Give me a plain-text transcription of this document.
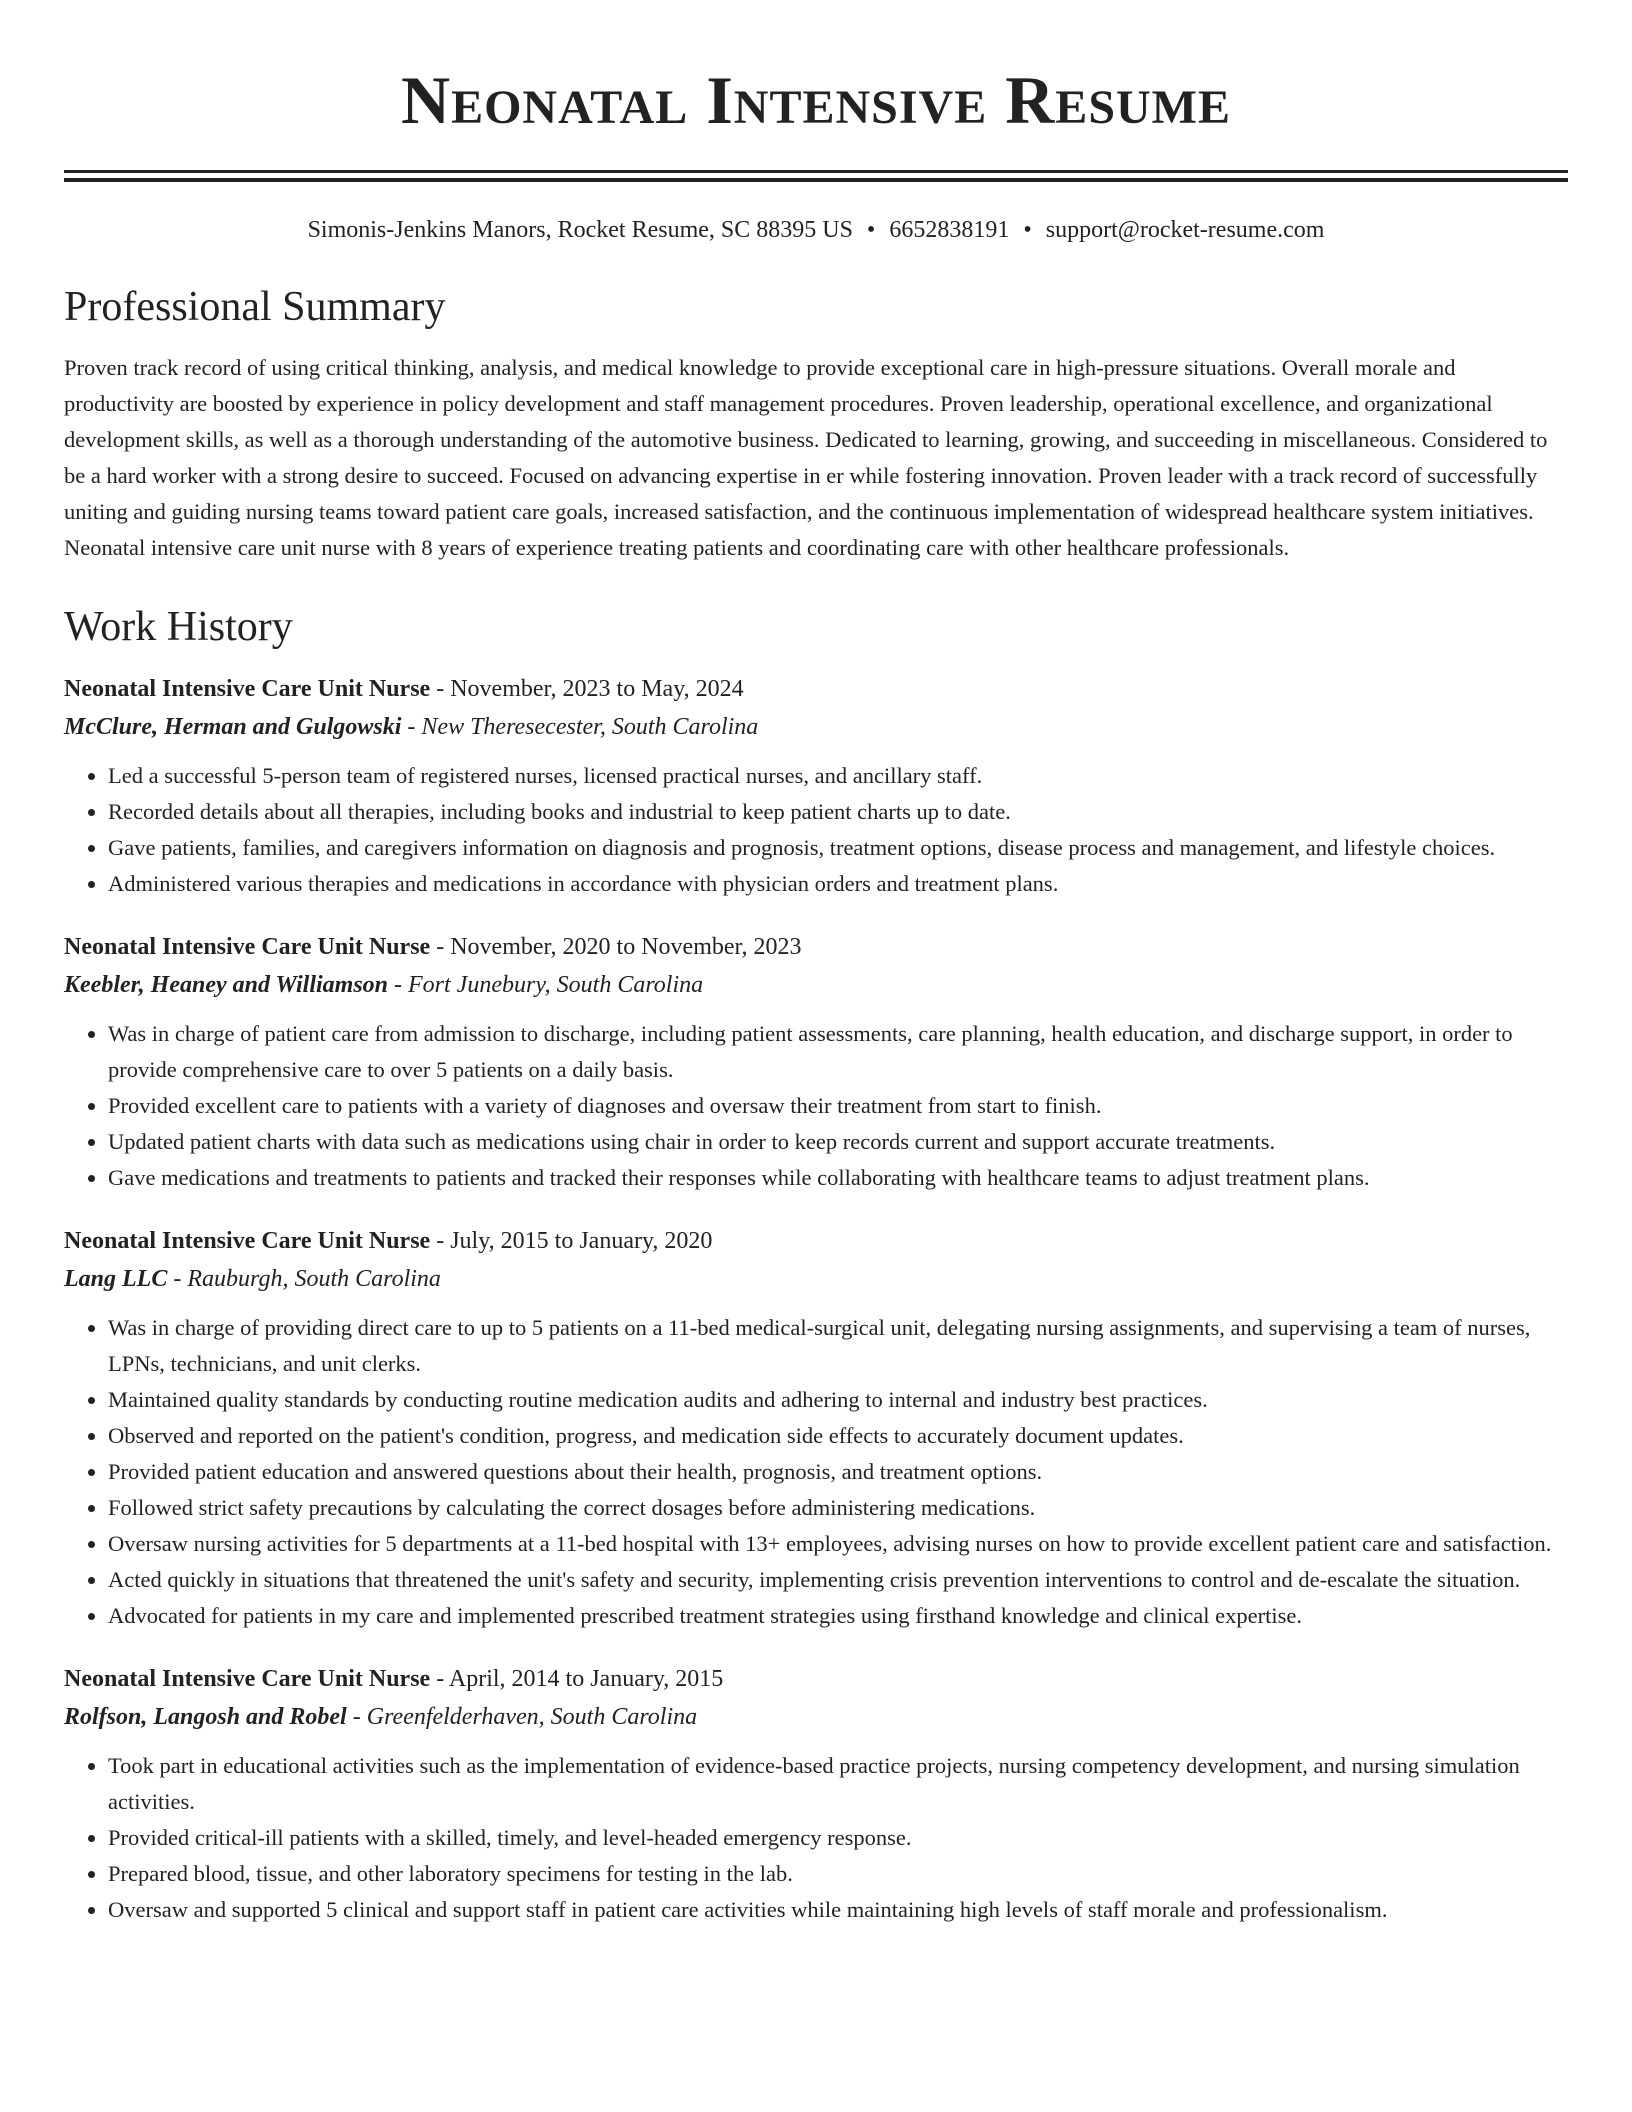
Neonatal Intensive Resume
Simonis-Jenkins Manors, Rocket Resume, SC 88395 US • 6652838191 • support@rocket-resume.com
Professional Summary

Proven track record of using critical thinking, analysis, and medical knowledge to provide exceptional care in high-pressure situations. Overall morale and productivity are boosted by experience in policy development and staff management procedures. Proven leadership, operational excellence, and organizational development skills, as well as a thorough understanding of the automotive business. Dedicated to learning, growing, and succeeding in miscellaneous. Considered to be a hard worker with a strong desire to succeed. Focused on advancing expertise in er while fostering innovation. Proven leader with a track record of successfully uniting and guiding nursing teams toward patient care goals, increased satisfaction, and the continuous implementation of widespread healthcare system initiatives. Neonatal intensive care unit nurse with 8 years of experience treating patients and coordinating care with other healthcare professionals.

Work History
Neonatal Intensive Care Unit Nurse - November, 2023 to May, 2024
McClure, Herman and Gulgowski - New Theresecester, South Carolina
• Led a successful 5-person team of registered nurses, licensed practical nurses, and ancillary staff.
• Recorded details about all therapies, including books and industrial to keep patient charts up to date.
• Gave patients, families, and caregivers information on diagnosis and prognosis, treatment options, disease process and management, and lifestyle choices.
• Administered various therapies and medications in accordance with physician orders and treatment plans.
Neonatal Intensive Care Unit Nurse - November, 2020 to November, 2023
Keebler, Heaney and Williamson - Fort Junebury, South Carolina
• Was in charge of patient care from admission to discharge, including patient assessments, care planning, health education, and discharge support, in order to provide comprehensive care to over 5 patients on a daily basis.
• Provided excellent care to patients with a variety of diagnoses and oversaw their treatment from start to finish.
• Updated patient charts with data such as medications using chair in order to keep records current and support accurate treatments.
• Gave medications and treatments to patients and tracked their responses while collaborating with healthcare teams to adjust treatment plans.
Neonatal Intensive Care Unit Nurse - July, 2015 to January, 2020
Lang LLC - Rauburgh, South Carolina
• Was in charge of providing direct care to up to 5 patients on a 11-bed medical-surgical unit, delegating nursing assignments, and supervising a team of nurses, LPNs, technicians, and unit clerks.
• Maintained quality standards by conducting routine medication audits and adhering to internal and industry best practices.
• Observed and reported on the patient's condition, progress, and medication side effects to accurately document updates.
• Provided patient education and answered questions about their health, prognosis, and treatment options.
• Followed strict safety precautions by calculating the correct dosages before administering medications.
• Oversaw nursing activities for 5 departments at a 11-bed hospital with 13+ employees, advising nurses on how to provide excellent patient care and satisfaction.
• Acted quickly in situations that threatened the unit's safety and security, implementing crisis prevention interventions to control and de-escalate the situation.
• Advocated for patients in my care and implemented prescribed treatment strategies using firsthand knowledge and clinical expertise.
Neonatal Intensive Care Unit Nurse - April, 2014 to January, 2015
Rolfson, Langosh and Robel - Greenfelderhaven, South Carolina
• Took part in educational activities such as the implementation of evidence-based practice projects, nursing competency development, and nursing simulation activities.
• Provided critical-ill patients with a skilled, timely, and level-headed emergency response.
• Prepared blood, tissue, and other laboratory specimens for testing in the lab.
• Oversaw and supported 5 clinical and support staff in patient care activities while maintaining high levels of staff morale and professionalism.
